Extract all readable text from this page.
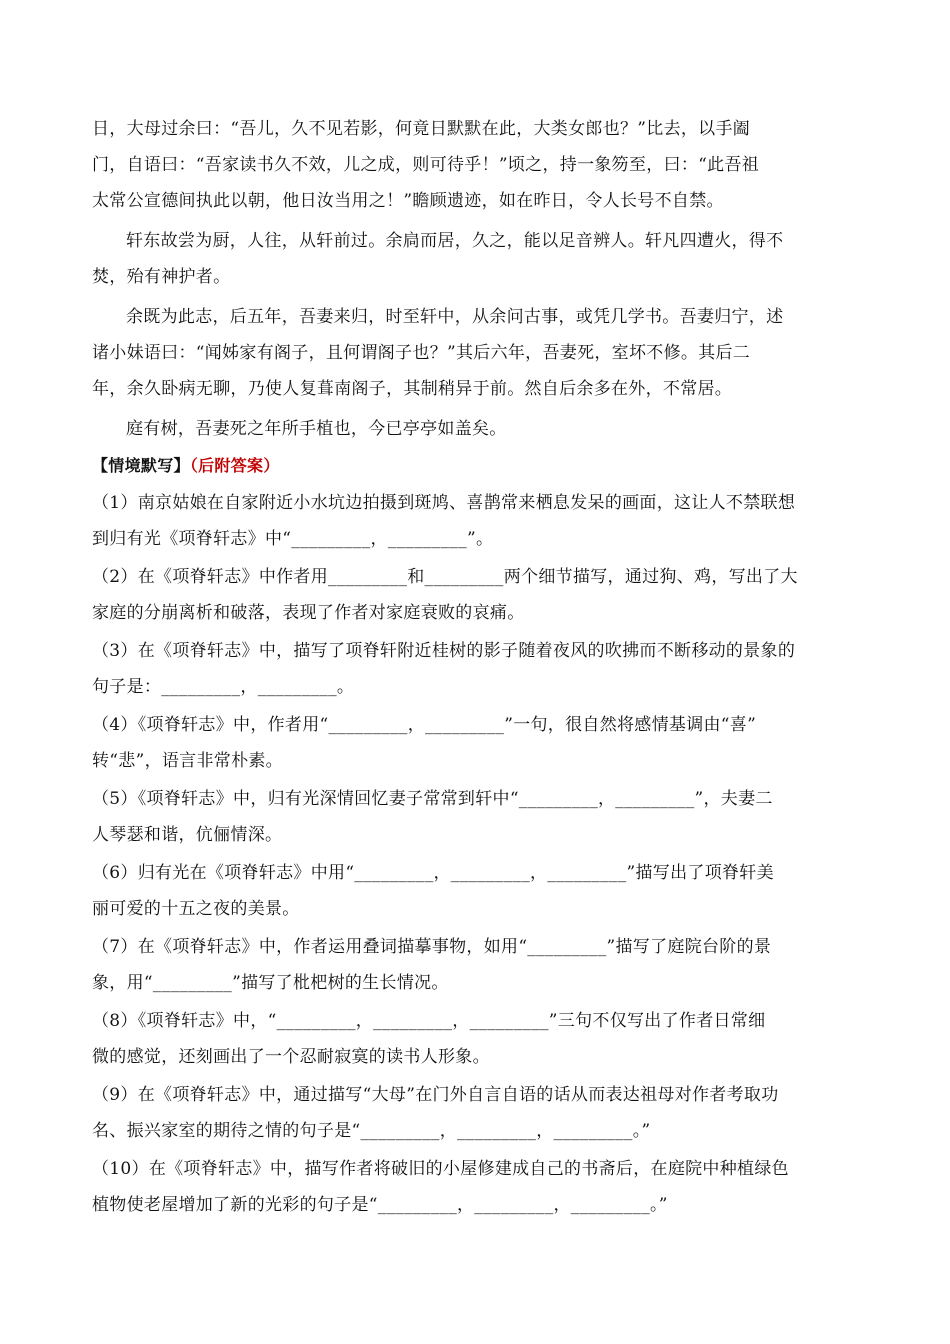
日，大母过余曰：“吾儿，久不见若影，何竟日默默在此，大类女郎也？”比去，以手阖
门，自语曰：“吾家读书久不效，儿之成，则可待乎！”顷之，持一象笏至，曰：“此吾祖
太常公宣德间执此以朝，他日汝当用之！”瞻顾遗迹，如在昨日，令人长号不自禁。
轩东故尝为厨，人往，从轩前过。余扃而居，久之，能以足音辨人。轩凡四遭火，得不
焚，殆有神护者。
余既为此志，后五年，吾妻来归，时至轩中，从余问古事，或凭几学书。吾妻归宁，述
诸小妹语曰：“闻姊家有阁子，且何谓阁子也？”其后六年，吾妻死，室坏不修。其后二
年，余久卧病无聊，乃使人复葺南阁子，其制稍异于前。然自后余多在外，不常居。
庭有树，吾妻死之年所手植也，今已亭亭如盖矣。
【情境默写】（后附答案）
（1）南京姑娘在自家附近小水坑边拍摄到斑鸠、喜鹊常来栖息发呆的画面，这让人不禁联想
到归有光《项脊轩志》中“_________，_________”。
（2）在《项脊轩志》中作者用_________和_________两个细节描写，通过狗、鸡，写出了大
家庭的分崩离析和破落，表现了作者对家庭衰败的哀痛。
（3）在《项脊轩志》中，描写了项脊轩附近桂树的影子随着夜风的吹拂而不断移动的景象的
句子是：_________，_________。
（4）《项脊轩志》中，作者用“_________，_________”一句，很自然将感情基调由“喜”
转“悲”，语言非常朴素。
（5）《项脊轩志》中，归有光深情回忆妻子常常到轩中“_________，_________”，夫妻二
人琴瑟和谐，伉俪情深。
（6）归有光在《项脊轩志》中用“_________，_________，_________”描写出了项脊轩美
丽可爱的十五之夜的美景。
（7）在《项脊轩志》中，作者运用叠词描摹事物，如用“_________”描写了庭院台阶的景
象，用“_________”描写了枇杷树的生长情况。
（8）《项脊轩志》中，“_________，_________，_________”三句不仅写出了作者日常细
微的感觉，还刻画出了一个忍耐寂寞的读书人形象。
（9）在《项脊轩志》中，通过描写“大母”在门外自言自语的话从而表达祖母对作者考取功
名、振兴家室的期待之情的句子是“_________，_________，_________。”
（10）在《项脊轩志》中，描写作者将破旧的小屋修建成自己的书斋后，在庭院中种植绿色
植物使老屋增加了新的光彩的句子是“_________，_________，_________。”
